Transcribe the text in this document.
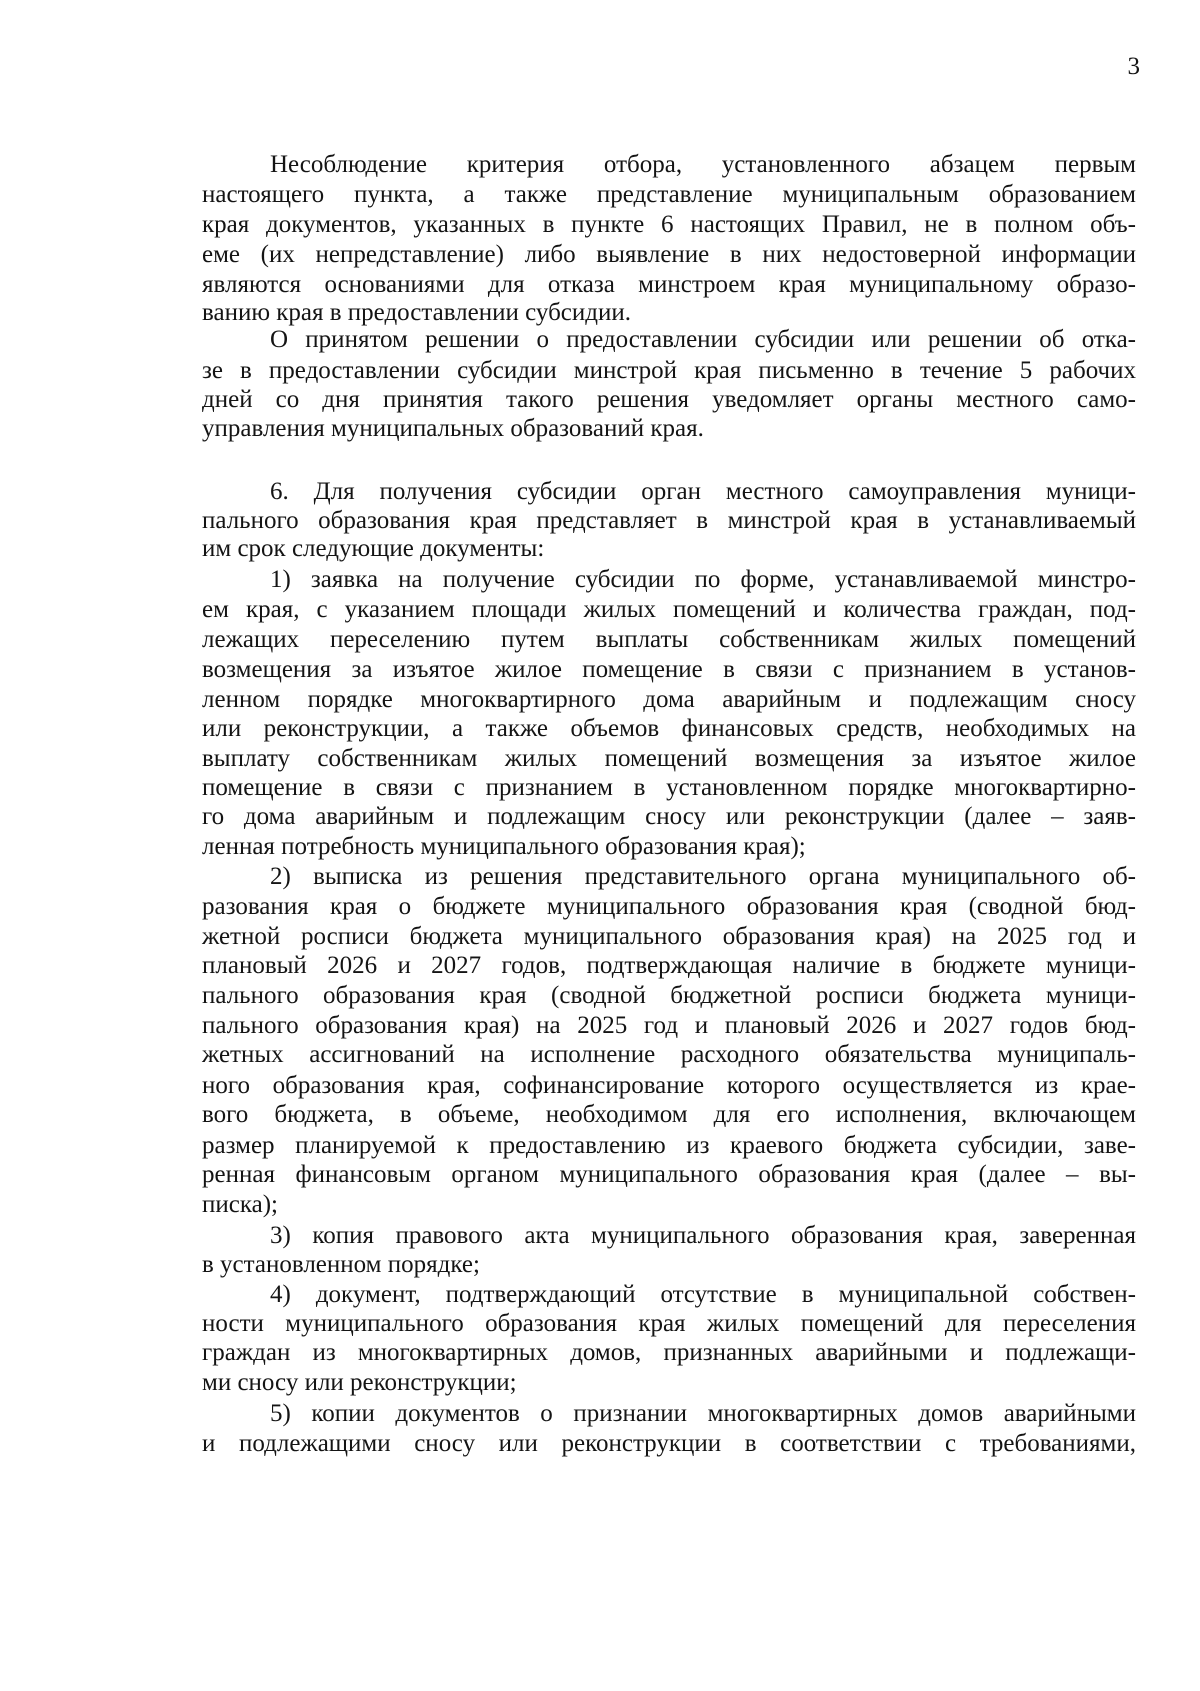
3
Несоблюдение критерия отбора, установленного абзацем первым
настоящего пункта, а также представление муниципальным образованием
края документов, указанных в пункте 6 настоящих Правил, не в полном объ-
еме (их непредставление) либо выявление в них недостоверной информации
являются основаниями для отказа минстроем края муниципальному образо-
ванию края в предоставлении субсидии.
О принятом решении о предоставлении субсидии или решении об отка-
зе в предоставлении субсидии минстрой края письменно в течение 5 рабочих
дней со дня принятия такого решения уведомляет органы местного само-
управления муниципальных образований края.
6. Для получения субсидии орган местного самоуправления муници-
пального образования края представляет в минстрой края в устанавливаемый
им срок следующие документы:
1) заявка на получение субсидии по форме, устанавливаемой минстро-
ем края, с указанием площади жилых помещений и количества граждан, под-
лежащих переселению путем выплаты собственникам жилых помещений
возмещения за изъятое жилое помещение в связи с признанием в установ-
ленном порядке многоквартирного дома аварийным и подлежащим сносу
или реконструкции, а также объемов финансовых средств, необходимых на
выплату собственникам жилых помещений возмещения за изъятое жилое
помещение в связи с признанием в установленном порядке многоквартирно-
го дома аварийным и подлежащим сносу или реконструкции (далее – заяв-
ленная потребность муниципального образования края);
2) выписка из решения представительного органа муниципального об-
разования края о бюджете муниципального образования края (сводной бюд-
жетной росписи бюджета муниципального образования края) на 2025 год и
плановый 2026 и 2027 годов, подтверждающая наличие в бюджете муници-
пального образования края (сводной бюджетной росписи бюджета муници-
пального образования края) на 2025 год и плановый 2026 и 2027 годов бюд-
жетных ассигнований на исполнение расходного обязательства муниципаль-
ного образования края, софинансирование которого осуществляется из крае-
вого бюджета, в объеме, необходимом для его исполнения, включающем
размер планируемой к предоставлению из краевого бюджета субсидии, заве-
ренная финансовым органом муниципального образования края (далее – вы-
писка);
3) копия правового акта муниципального образования края, заверенная
в установленном порядке;
4) документ, подтверждающий отсутствие в муниципальной собствен-
ности муниципального образования края жилых помещений для переселения
граждан из многоквартирных домов, признанных аварийными и подлежащи-
ми сносу или реконструкции;
5) копии документов о признании многоквартирных домов аварийными
и подлежащими сносу или реконструкции в соответствии с требованиями,
